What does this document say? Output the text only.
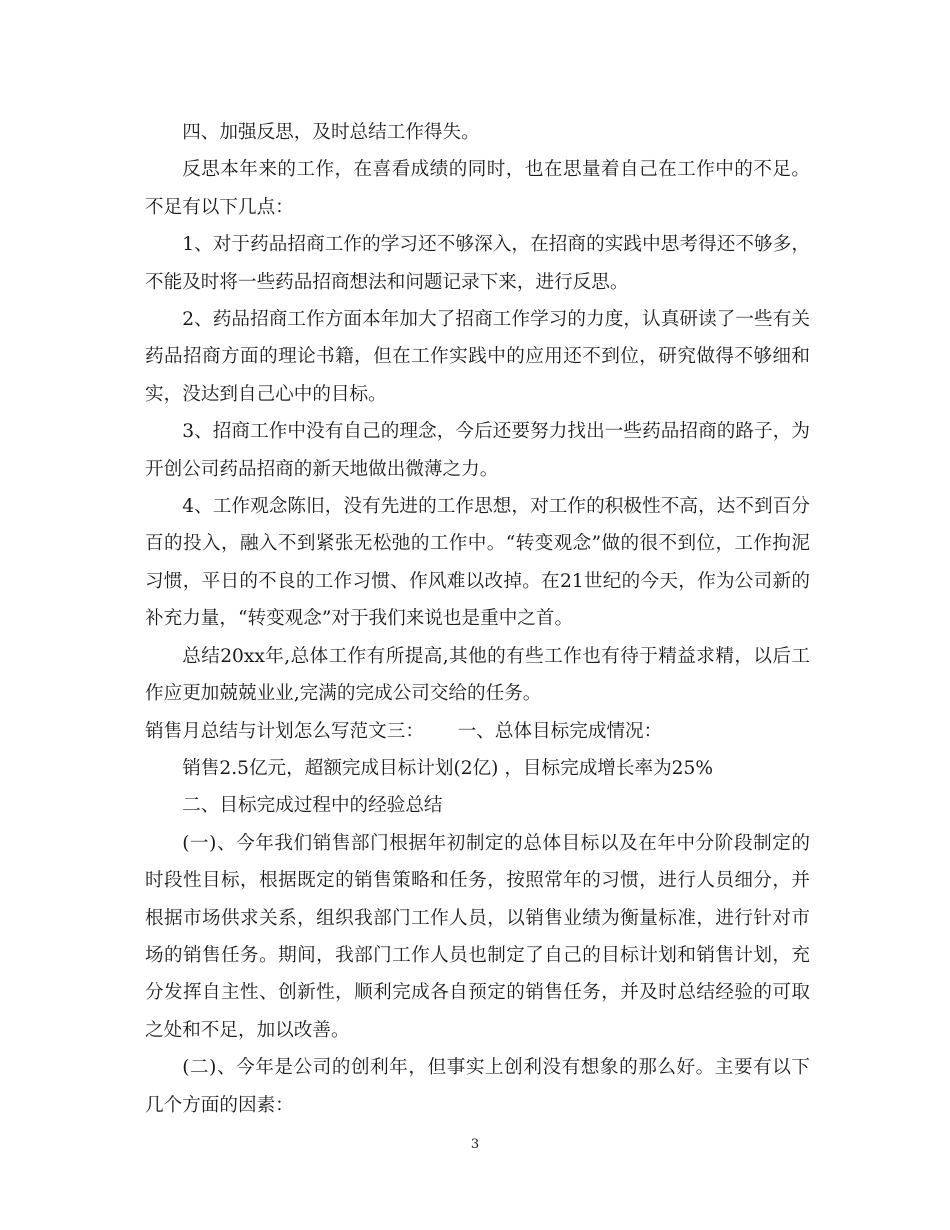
四、加强反思，及时总结工作得失。

反思本年来的工作，在喜看成绩的同时，也在思量着自己在工作中的不足。不足有以下几点：

1、对于药品招商工作的学习还不够深入，在招商的实践中思考得还不够多，不能及时将一些药品招商想法和问题记录下来，进行反思。

2、药品招商工作方面本年加大了招商工作学习的力度，认真研读了一些有关药品招商方面的理论书籍，但在工作实践中的应用还不到位，研究做得不够细和实，没达到自己心中的目标。

3、招商工作中没有自己的理念，今后还要努力找出一些药品招商的路子，为开创公司药品招商的新天地做出微薄之力。

4、工作观念陈旧，没有先进的工作思想，对工作的积极性不高，达不到百分百的投入，融入不到紧张无松弛的工作中。“转变观念”做的很不到位，工作拘泥习惯，平日的不良的工作习惯、作风难以改掉。在21世纪的今天，作为公司新的补充力量，“转变观念”对于我们来说也是重中之首。

总结20xx年,总体工作有所提高,其他的有些工作也有待于精益求精，以后工作应更加兢兢业业,完满的完成公司交给的任务。

销售月总结与计划怎么写范文三：　　 一、总体目标完成情况：

销售2.5亿元，超额完成目标计划(2亿) ，目标完成增长率为25%

二、目标完成过程中的经验总结

(一)、今年我们销售部门根据年初制定的总体目标以及在年中分阶段制定的时段性目标，根据既定的销售策略和任务，按照常年的习惯，进行人员细分，并根据市场供求关系，组织我部门工作人员，以销售业绩为衡量标准，进行针对市场的销售任务。期间，我部门工作人员也制定了自己的目标计划和销售计划，充分发挥自主性、创新性，顺利完成各自预定的销售任务，并及时总结经验的可取之处和不足，加以改善。

(二)、今年是公司的创利年，但事实上创利没有想象的那么好。主要有以下几个方面的因素：

3
